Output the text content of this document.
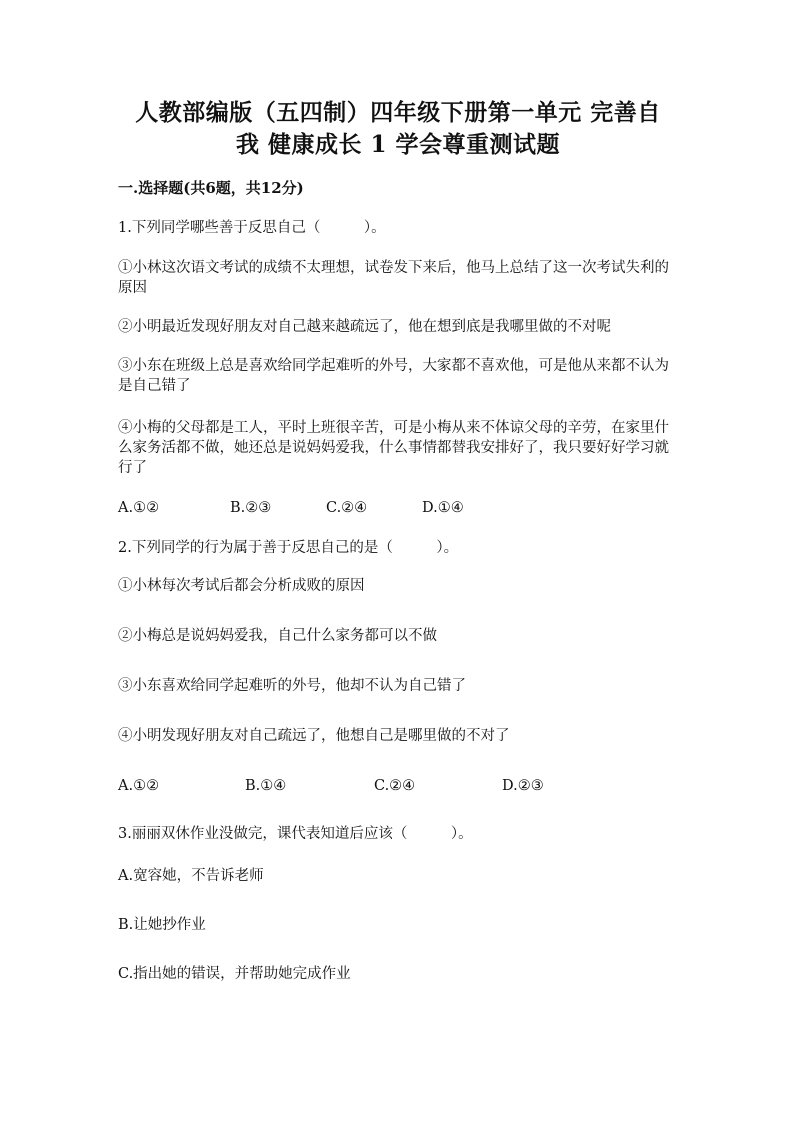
人教部编版（五四制）四年级下册第一单元 完善自
我 健康成长 1 学会尊重测试题
一.选择题(共6题，共12分)
1.下列同学哪些善于反思自己（　　　）。
①小林这次语文考试的成绩不太理想，试卷发下来后，他马上总结了这一次考试失利的原因
②小明最近发现好朋友对自己越来越疏远了，他在想到底是我哪里做的不对呢
③小东在班级上总是喜欢给同学起难听的外号，大家都不喜欢他，可是他从来都不认为是自己错了
④小梅的父母都是工人，平时上班很辛苦，可是小梅从来不体谅父母的辛劳，在家里什么家务活都不做，她还总是说妈妈爱我，什么事情都替我安排好了，我只要好好学习就行了
A.①②	B.②③	C.②④	D.①④
2.下列同学的行为属于善于反思自己的是（　　　）。
①小林每次考试后都会分析成败的原因
②小梅总是说妈妈爱我，自己什么家务都可以不做
③小东喜欢给同学起难听的外号，他却不认为自己错了
④小明发现好朋友对自己疏远了，他想自己是哪里做的不对了
A.①②	B.①④	C.②④	D.②③
3.丽丽双休作业没做完，课代表知道后应该（　　　）。
A.宽容她，不告诉老师
B.让她抄作业
C.指出她的错误，并帮助她完成作业
